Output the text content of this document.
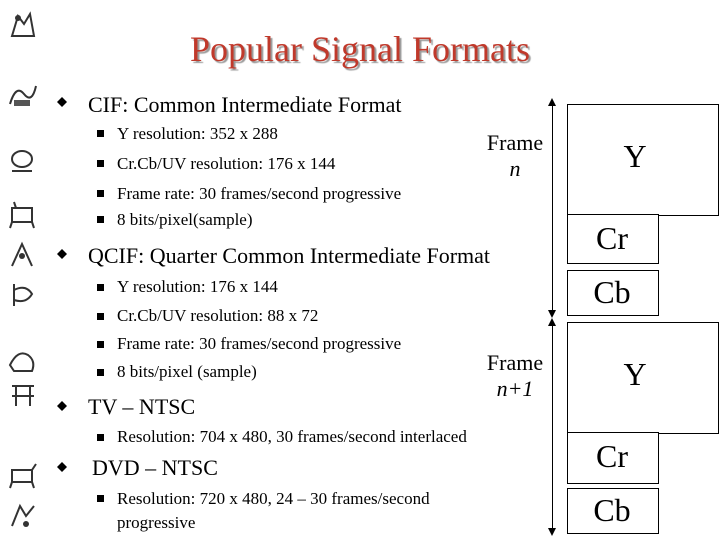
Popular Signal Formats
CIF: Common Intermediate Format
Y resolution: 352 x 288
Cr.Cb/UV resolution: 176 x 144
Frame rate: 30 frames/second progressive
8 bits/pixel(sample)
QCIF: Quarter Common Intermediate Format
Y resolution: 176 x 144
Cr.Cb/UV resolution: 88 x 72
Frame rate: 30 frames/second progressive
8 bits/pixel (sample)
TV – NTSC
Resolution: 704 x 480, 30 frames/second interlaced
DVD – NTSC
Resolution: 720 x 480, 24 – 30 frames/second progressive
Frame
n
Frame
n+1
Y
Cr
Cb
Y
Cr
Cb
